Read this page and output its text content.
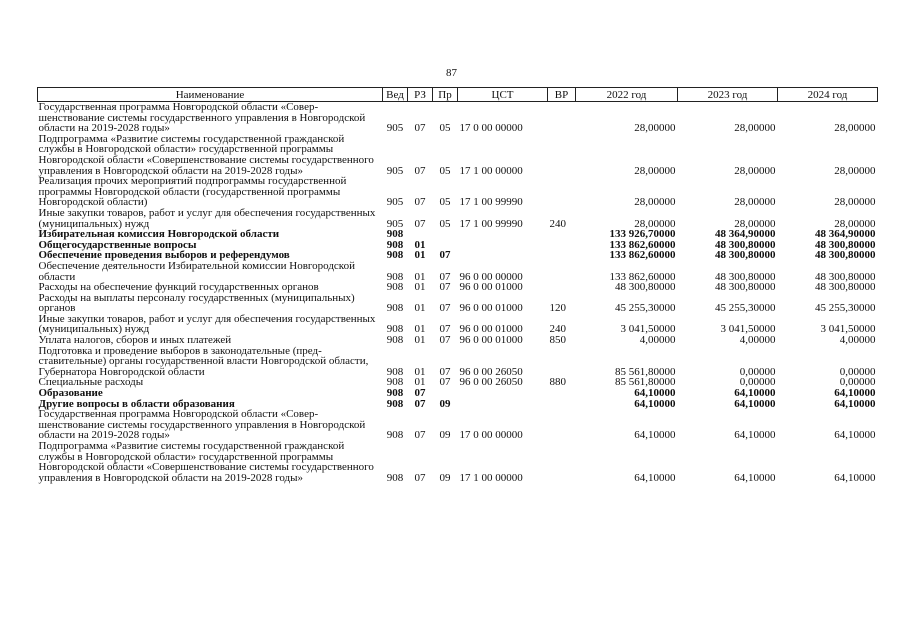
87
Наименование	Вед	РЗ	Пр	ЦСТ	ВР	2022 год	2023 год	2024 год
Государственная программа Новгородской области «Совершенствование системы государственного управления в Новгородской области на 2019-2028 годы»	905	07	05	17 0 00 00000		28,00000	28,00000	28,00000
Подпрограмма «Развитие системы государственной гражданской службы в Новгородской области» государственной программы Новгородской области «Совершенствование системы государственного управления в Новгородской области на 2019-2028 годы»	905	07	05	17 1 00 00000		28,00000	28,00000	28,00000
Реализация прочих мероприятий подпрограммы государственной программы Новгородской области (государственной программы Новгородской области)	905	07	05	17 1 00 99990		28,00000	28,00000	28,00000
Иные закупки товаров, работ и услуг для обеспечения государственных (муниципальных) нужд	905	07	05	17 1 00 99990	240	28,00000	28,00000	28,00000
Избирательная комиссия Новгородской области	908					133 926,70000	48 364,90000	48 364,90000
Общегосударственные вопросы	908	01				133 862,60000	48 300,80000	48 300,80000
Обеспечение проведения выборов и референдумов	908	01	07			133 862,60000	48 300,80000	48 300,80000
Обеспечение деятельности Избирательной комиссии Новгородской области	908	01	07	96 0 00 00000		133 862,60000	48 300,80000	48 300,80000
Расходы на обеспечение функций государственных органов	908	01	07	96 0 00 01000		48 300,80000	48 300,80000	48 300,80000
Расходы на выплаты персоналу государственных (муниципальных) органов	908	01	07	96 0 00 01000	120	45 255,30000	45 255,30000	45 255,30000
Иные закупки товаров, работ и услуг для обеспечения государственных (муниципальных) нужд	908	01	07	96 0 00 01000	240	3 041,50000	3 041,50000	3 041,50000
Уплата налогов, сборов и иных платежей	908	01	07	96 0 00 01000	850	4,00000	4,00000	4,00000
Подготовка и проведение выборов в законодательные (представительные) органы государственной власти Новгородской области, Губернатора Новгородской области	908	01	07	96 0 00 26050		85 561,80000	0,00000	0,00000
Специальные расходы	908	01	07	96 0 00 26050	880	85 561,80000	0,00000	0,00000
Образование	908	07				64,10000	64,10000	64,10000
Другие вопросы в области образования	908	07	09			64,10000	64,10000	64,10000
Государственная программа Новгородской области «Совершенствование системы государственного управления в Новгородской области на 2019-2028 годы»	908	07	09	17 0 00 00000		64,10000	64,10000	64,10000
Подпрограмма «Развитие системы государственной гражданской службы в Новгородской области» государственной программы Новгородской области «Совершенствование системы государственного управления в Новгородской области на 2019-2028 годы»	908	07	09	17 1 00 00000		64,10000	64,10000	64,10000
